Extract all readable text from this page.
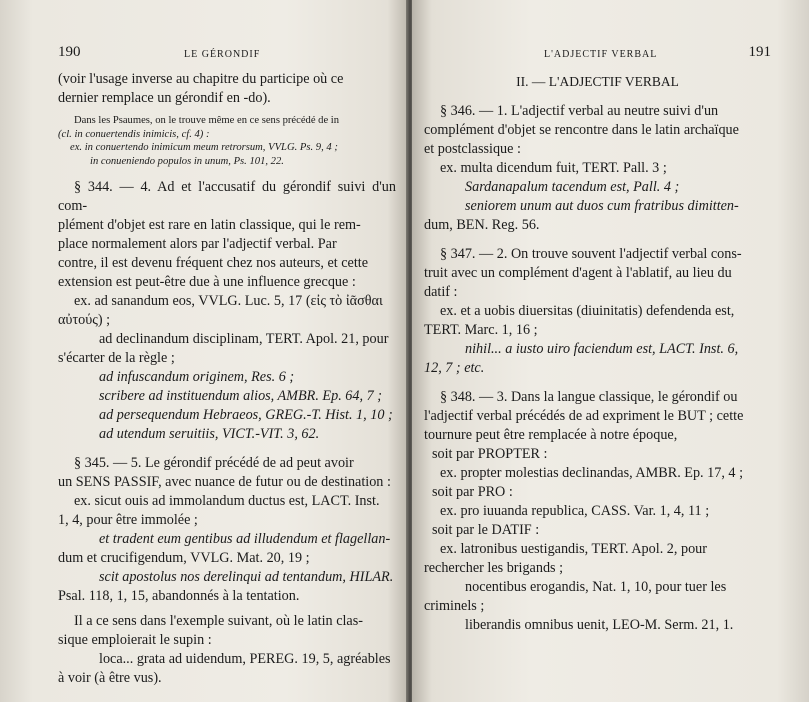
190	LE GÉRONDIF

(voir l'usage inverse au chapitre du participe où ce

dernier remplace un gérondif en -do).

Dans les Psaumes, on le trouve même en ce sens précédé de in

(cl. in conuertendis inimicis, cf. 4) :

ex. in conuertendo inimicum meum retrorsum, VVLG. Ps. 9, 4 ;

in conueniendo populos in unum, Ps. 101, 22.

§ 344. — 4. Ad et l'accusatif du gérondif suivi d'un com-

plément d'objet est rare en latin classique, qui le rem-

place normalement alors par l'adjectif verbal. Par

contre, il est devenu fréquent chez nos auteurs, et cette

extension est peut-être due à une influence grecque :

ex. ad sanandum eos, VVLG. Luc. 5, 17 (εἰς τὸ ἰᾶσθαι

αὐτούς) ;

ad declinandum disciplinam, TERT. Apol. 21, pour

s'écarter de la règle ;

ad infuscandum originem, Res. 6 ;

scribere ad instituendum alios, AMBR. Ep. 64, 7 ;

ad persequendum Hebraeos, GREG.-T. Hist. 1, 10 ;

ad utendum seruitiis, VICT.-VIT. 3, 62.

§ 345. — 5. Le gérondif précédé de ad peut avoir

un SENS PASSIF, avec nuance de futur ou de destination :

ex. sicut ouis ad immolandum ductus est, LACT. Inst.

1, 4, pour être immolée ;

et tradent eum gentibus ad illudendum et flagellan-

dum et crucifigendum, VVLG. Mat. 20, 19 ;

scit apostolus nos derelinqui ad tentandum, HILAR.

Psal. 118, 1, 15, abandonnés à la tentation.

Il a ce sens dans l'exemple suivant, où le latin clas-

sique emploierait le supin :

loca... grata ad uidendum, PEREG. 19, 5, agréables

à voir (à être vus).

L'ADJECTIF VERBAL	191

II. — L'ADJECTIF VERBAL

§ 346. — 1. L'adjectif verbal au neutre suivi d'un

complément d'objet se rencontre dans le latin archaïque

et postclassique :

ex. multa dicendum fuit, TERT. Pall. 3 ;

Sardanapalum tacendum est, Pall. 4 ;

seniorem unum aut duos cum fratribus dimitten-

dum, BEN. Reg. 56.

§ 347. — 2. On trouve souvent l'adjectif verbal cons-

truit avec un complément d'agent à l'ablatif, au lieu du

datif :

ex. et a uobis diuersitas (diuinitatis) defendenda est,

TERT. Marc. 1, 16 ;

nihil... a iusto uiro faciendum est, LACT. Inst. 6,

12, 7 ; etc.

§ 348. — 3. Dans la langue classique, le gérondif ou

l'adjectif verbal précédés de ad expriment le BUT ; cette

tournure peut être remplacée à notre époque,

soit par PROPTER :

ex. propter molestias declinandas, AMBR. Ep. 17, 4 ;

soit par PRO :

ex. pro iuuanda republica, CASS. Var. 1, 4, 11 ;

soit par le DATIF :

ex. latronibus uestigandis, TERT. Apol. 2, pour

rechercher les brigands ;

nocentibus erogandis, Nat. 1, 10, pour tuer les

criminels ;

liberandis omnibus uenit, LEO-M. Serm. 21, 1.
